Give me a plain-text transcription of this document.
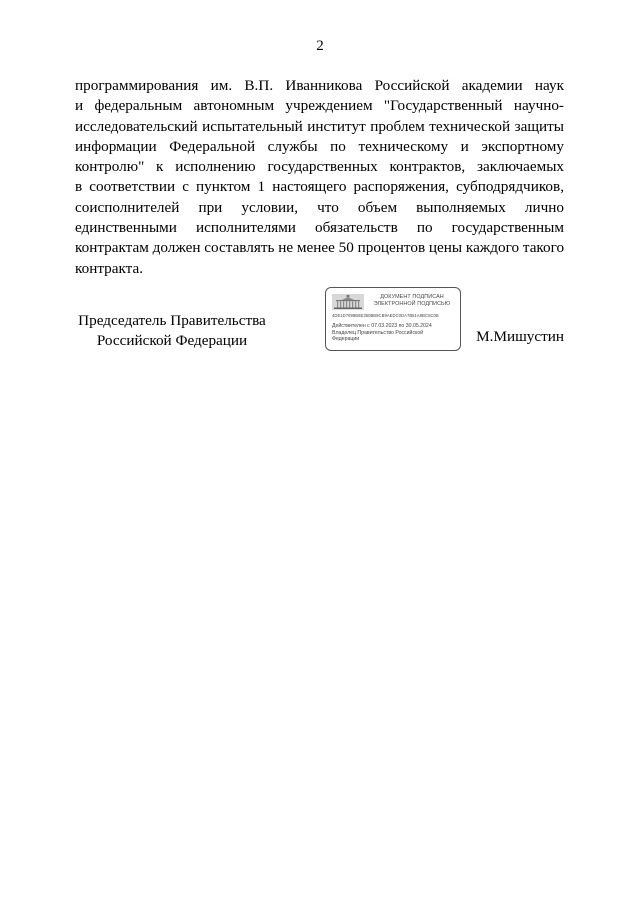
2
программирования им. В.П. Иванникова Российской академии наук
и федеральным автономным учреждением "Государственный научно-
исследовательский испытательный институт проблем технической защиты
информации Федеральной службы по техническому и экспортному
контролю" к исполнению государственных контрактов, заключаемых
в соответствии с пунктом 1 настоящего распоряжения, субподрядчиков,
соисполнителей при условии, что объем выполняемых лично
единственными исполнителями обязательств по государственным
контрактам должен составлять не менее 50 процентов цены каждого такого
контракта.
Председатель Правительства
Российской Федерации
ДОКУМЕНТ ПОДПИСАН
ЭЛЕКТРОННОЙ ПОДПИСЬЮ
4DE1D7698B6E350BB9CB9AEDC0DA7B51A9BC5C0B
Действителен с 07.03.2023 по 30.05.2024
Владелец Правительство Российской Федерации	М.Мишустин
